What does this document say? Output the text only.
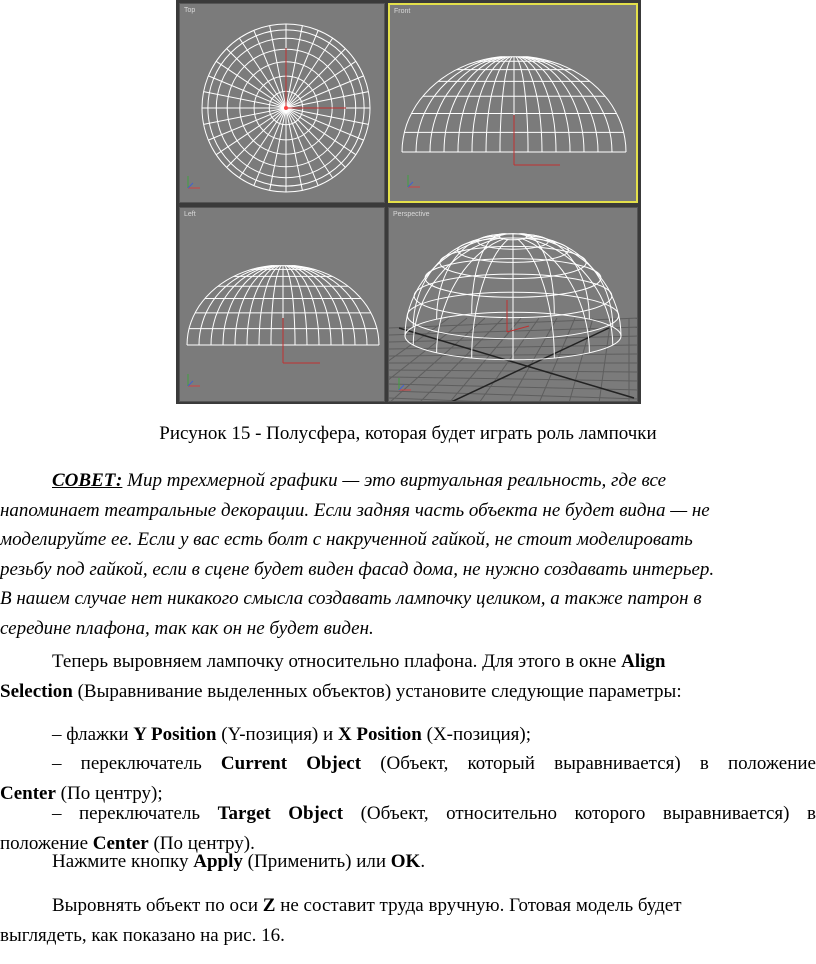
Top	Front
Left	Perspective
Рисунок 15 - Полусфера, которая будет играть роль лампочки

СОВЕТ: Мир трехмерной графики — это виртуальная реальность, где все
напоминает театральные декорации. Если задняя часть объекта не будет видна — не
моделируйте ее. Если у вас есть болт с накрученной гайкой, не стоит моделировать
резьбу под гайкой, если в сцене будет виден фасад дома, не нужно создавать интерьер.
В нашем случае нет никакого смысла создавать лампочку целиком, а также патрон в
середине плафона, так как он не будет виден.

Теперь выровняем лампочку относительно плафона. Для этого в окне Align
Selection (Выравнивание выделенных объектов) установите следующие параметры:

– флажки Y Position (Y-позиция) и X Position (X-позиция);

– переключатель Current Object (Объект, который выравнивается) в положение
Center (По центру);

– переключатель Target Object (Объект, относительно которого выравнивается) в
положение Center (По центру).

Нажмите кнопку Apply (Применить) или OK.

Выровнять объект по оси Z не составит труда вручную. Готовая модель будет
выглядеть, как показано на рис. 16.
